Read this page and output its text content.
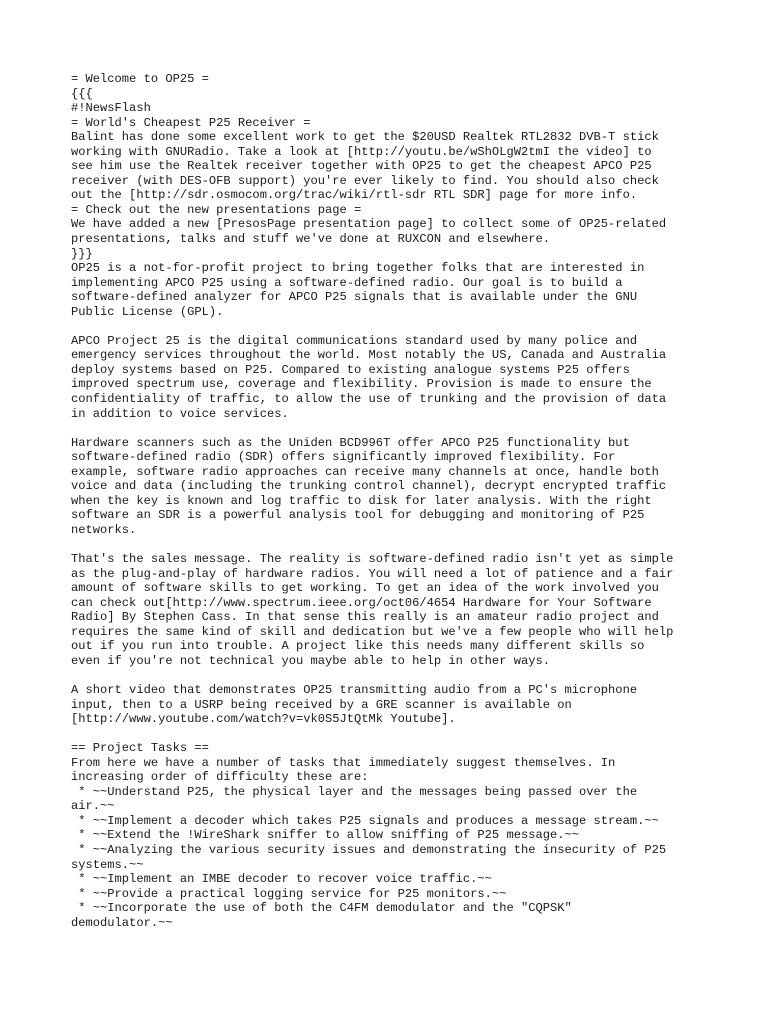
= Welcome to OP25 =
{{{
#!NewsFlash
= World's Cheapest P25 Receiver =
Balint has done some excellent work to get the $20USD Realtek RTL2832 DVB-T stick
working with GNURadio. Take a look at [http://youtu.be/wShOLgW2tmI the video] to
see him use the Realtek receiver together with OP25 to get the cheapest APCO P25
receiver (with DES-OFB support) you're ever likely to find. You should also check
out the [http://sdr.osmocom.org/trac/wiki/rtl-sdr RTL SDR] page for more info.
= Check out the new presentations page =
We have added a new [PresosPage presentation page] to collect some of OP25-related
presentations, talks and stuff we've done at RUXCON and elsewhere.
}}}
OP25 is a not-for-profit project to bring together folks that are interested in
implementing APCO P25 using a software-defined radio. Our goal is to build a
software-defined analyzer for APCO P25 signals that is available under the GNU
Public License (GPL).
APCO Project 25 is the digital communications standard used by many police and
emergency services throughout the world. Most notably the US, Canada and Australia
deploy systems based on P25. Compared to existing analogue systems P25 offers
improved spectrum use, coverage and flexibility. Provision is made to ensure the
confidentiality of traffic, to allow the use of trunking and the provision of data
in addition to voice services.
Hardware scanners such as the Uniden BCD996T offer APCO P25 functionality but
software-defined radio (SDR) offers significantly improved flexibility. For
example, software radio approaches can receive many channels at once, handle both
voice and data (including the trunking control channel), decrypt encrypted traffic
when the key is known and log traffic to disk for later analysis. With the right
software an SDR is a powerful analysis tool for debugging and monitoring of P25
networks.
That's the sales message. The reality is software-defined radio isn't yet as simple
as the plug-and-play of hardware radios. You will need a lot of patience and a fair
amount of software skills to get working. To get an idea of the work involved you
can check out[http://www.spectrum.ieee.org/oct06/4654 Hardware for Your Software
Radio] By Stephen Cass. In that sense this really is an amateur radio project and
requires the same kind of skill and dedication but we've a few people who will help
out if you run into trouble. A project like this needs many different skills so
even if you're not technical you maybe able to help in other ways.
A short video that demonstrates OP25 transmitting audio from a PC's microphone
input, then to a USRP being received by a GRE scanner is available on
[http://www.youtube.com/watch?v=vk0S5JtQtMk Youtube].
== Project Tasks ==
From here we have a number of tasks that immediately suggest themselves. In
increasing order of difficulty these are:
* ~~Understand P25, the physical layer and the messages being passed over the
air.~~
* ~~Implement a decoder which takes P25 signals and produces a message stream.~~
* ~~Extend the !WireShark sniffer to allow sniffing of P25 message.~~
* ~~Analyzing the various security issues and demonstrating the insecurity of P25
systems.~~
* ~~Implement an IMBE decoder to recover voice traffic.~~
* ~~Provide a practical logging service for P25 monitors.~~
* ~~Incorporate the use of both the C4FM demodulator and the "CQPSK"
demodulator.~~
